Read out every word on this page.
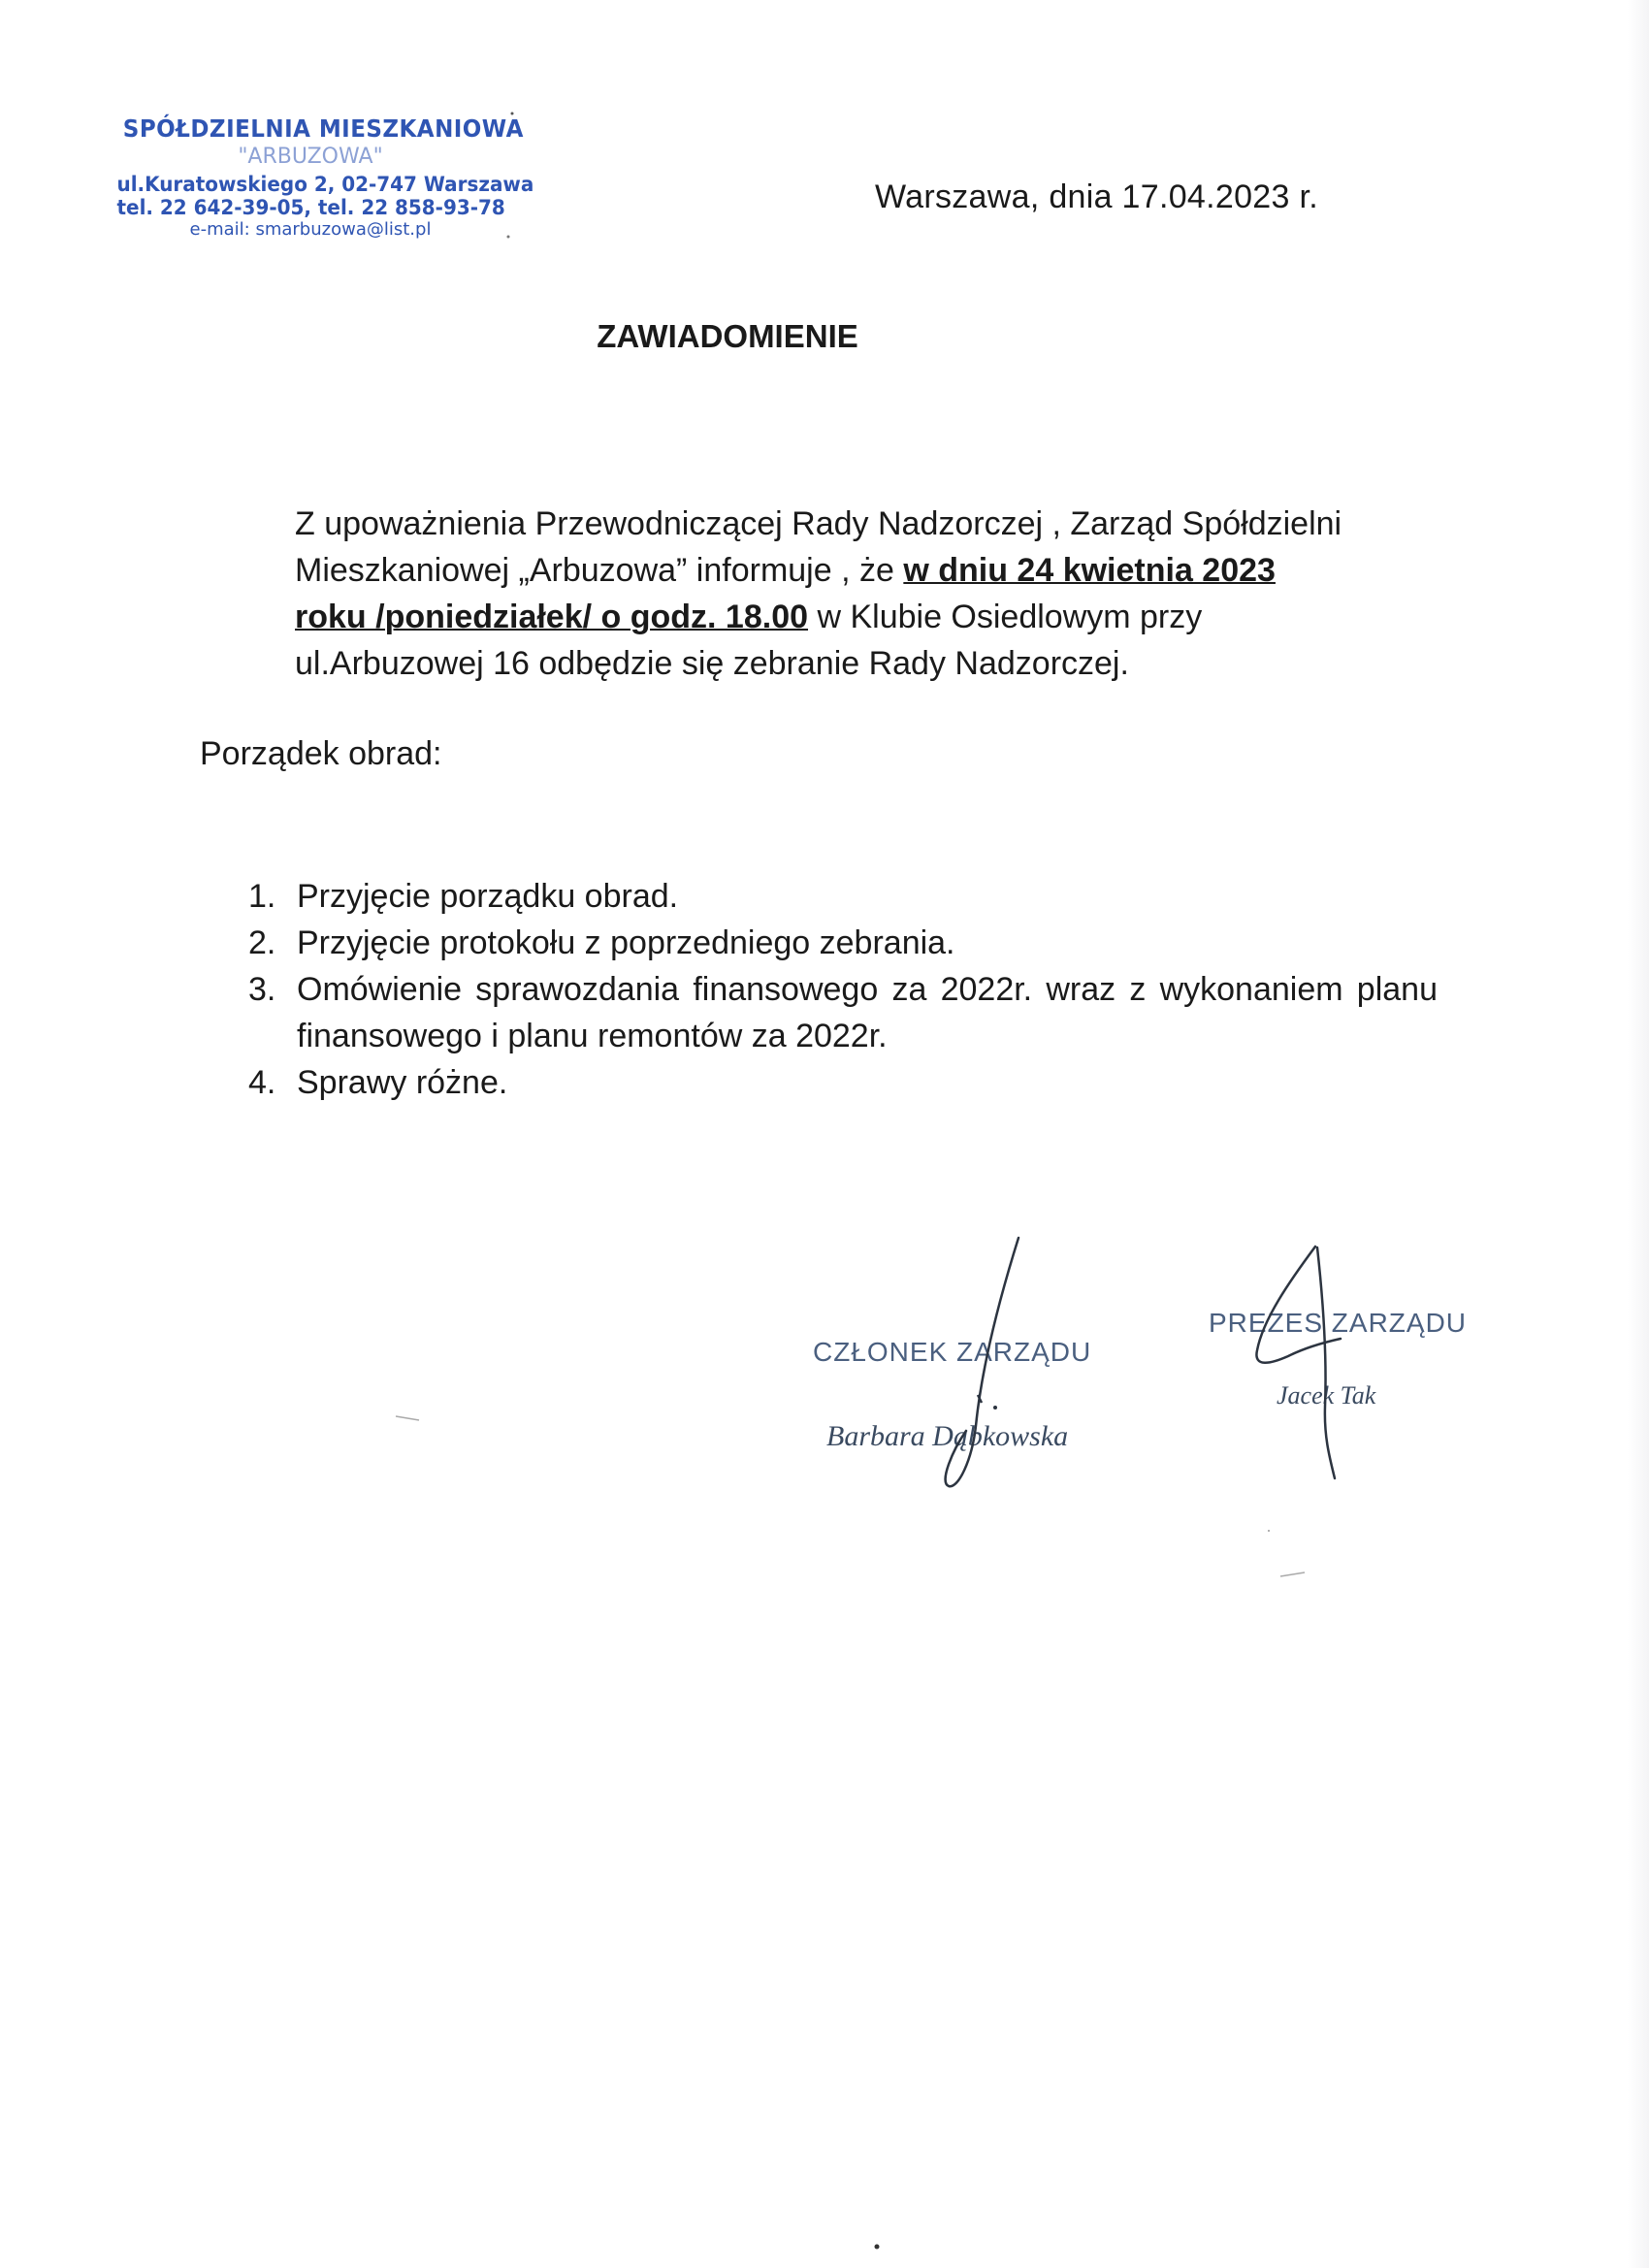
SPÓŁDZIELNIA MIESZKANIOWA
"ARBUZOWA"
ul.Kuratowskiego 2, 02-747 Warszawa
tel. 22 642-39-05, tel. 22 858-93-78
e-mail: smarbuzowa@list.pl
Warszawa, dnia 17.04.2023 r.
ZAWIADOMIENIE

Z upoważnienia Przewodniczącej Rady Nadzorczej , Zarząd Spółdzielni Mieszkaniowej „Arbuzowa” informuje , że w dniu 24 kwietnia 2023 roku /poniedziałek/ o godz. 18.00 w Klubie Osiedlowym przy ul.Arbuzowej 16 odbędzie się zebranie Rady Nadzorczej.

Porządek obrad:
1. Przyjęcie porządku obrad.
2. Przyjęcie protokołu z poprzedniego zebrania.
3. Omówienie sprawozdania finansowego za 2022r. wraz z wykonaniem planu finansowego i planu remontów za 2022r.
4. Sprawy różne.
CZŁONEK ZARZĄDU
Barbara Dąbkowska
PREZES ZARZĄDU
Jacek Tak
